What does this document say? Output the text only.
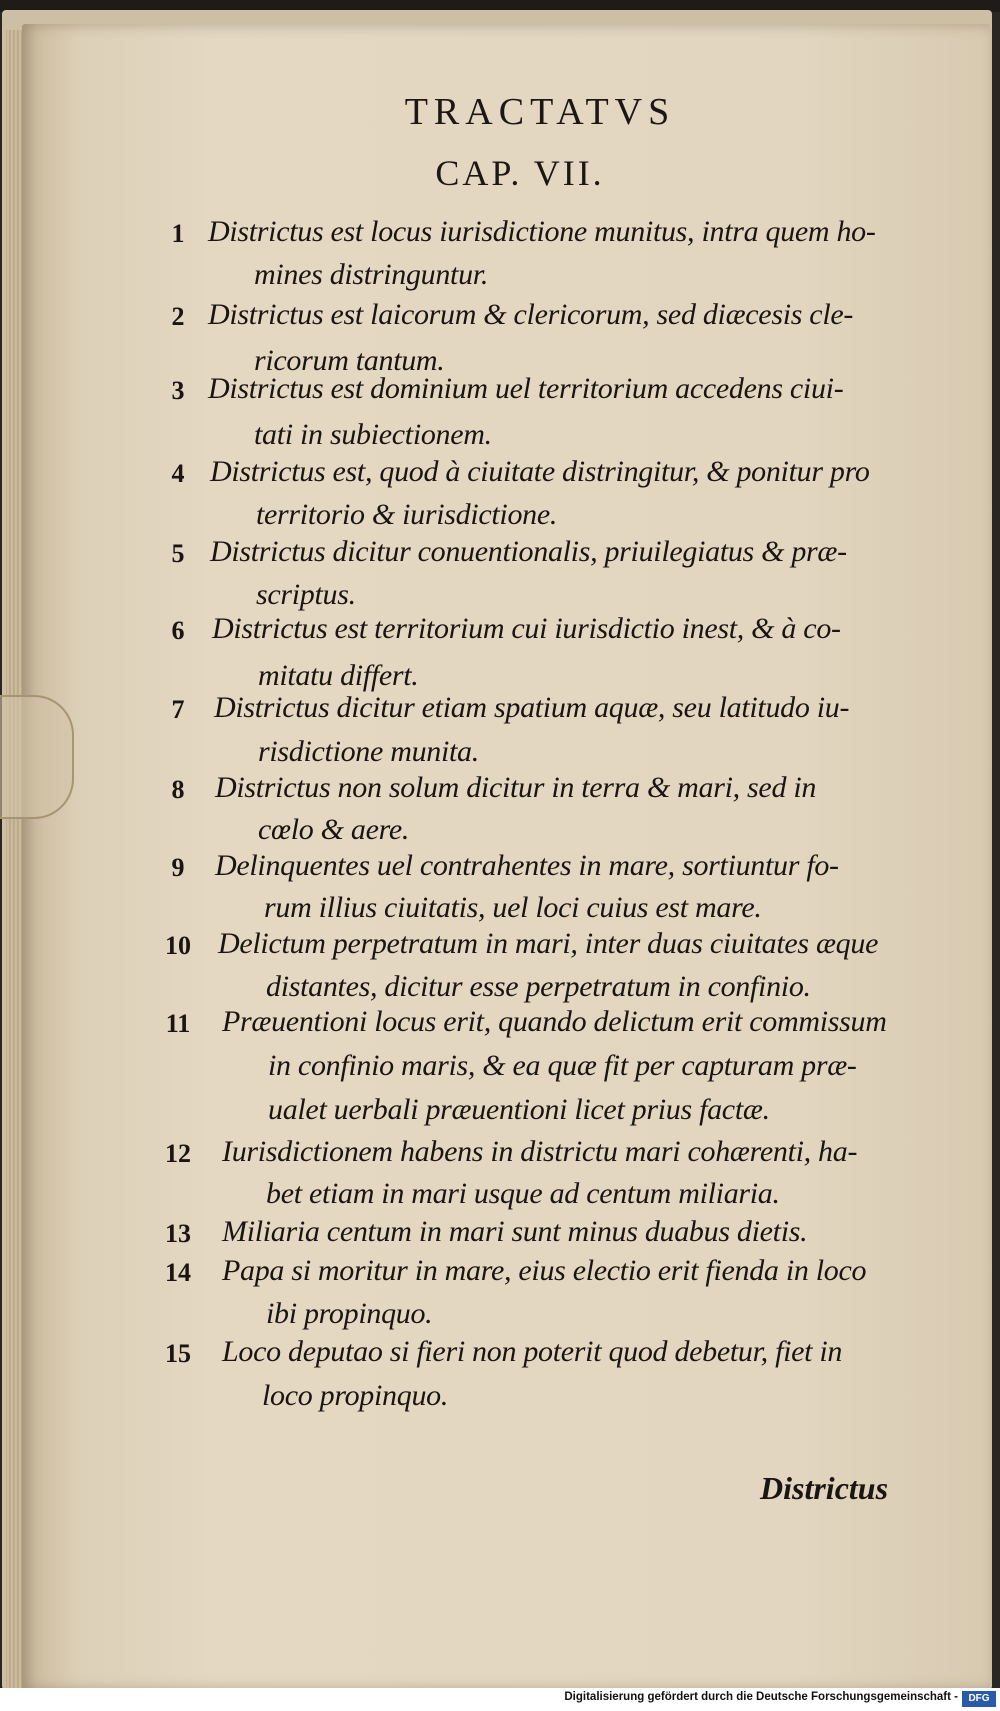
TRACTATVS
CAP. VII.
1 Districtus est locus iurisdictione munitus, intra quem ho-
mines distringuntur.
2 Districtus est laicorum & clericorum, sed diæcesis cle-
ricorum tantum.
3 Districtus est dominium uel territorium accedens ciui-
tati in subiectionem.
4 Districtus est, quod à ciuitate distringitur, & ponitur pro
territorio & iurisdictione.
5 Districtus dicitur conuentionalis, priuilegiatus & præ-
scriptus.
6 Districtus est territorium cui iurisdictio inest, & à co-
mitatu differt.
7 Districtus dicitur etiam spatium aquæ, seu latitudo iu-
risdictione munita.
8	Districtus non solum dicitur in terra & mari, sed in
cœlo & aere.
9	Delinquentes uel contrahentes in mare, sortiuntur fo-
rum illius ciuitatis, uel loci cuius est mare.
10 Delictum perpetratum in mari, inter duas ciuitates æque
distantes, dicitur esse perpetratum in confinio.
11	Præuentioni locus erit, quando delictum erit commissum
in confinio maris, & ea quæ fit per capturam præ-
ualet uerbali præuentioni licet prius factæ.
12	Iurisdictionem habens in districtu mari cohærenti, ha-
bet etiam in mari usque ad centum miliaria.
13	Miliaria centum in mari sunt minus duabus dietis.
14	Papa si moritur in mare, eius electio erit fienda in loco
ibi propinquo.
15	Loco deputao si fieri non poterit quod debetur, fiet in
loco propinquo.
Districtus
Digitalisierung gefördert durch die Deutsche Forschungsgemeinschaft -	DFG
